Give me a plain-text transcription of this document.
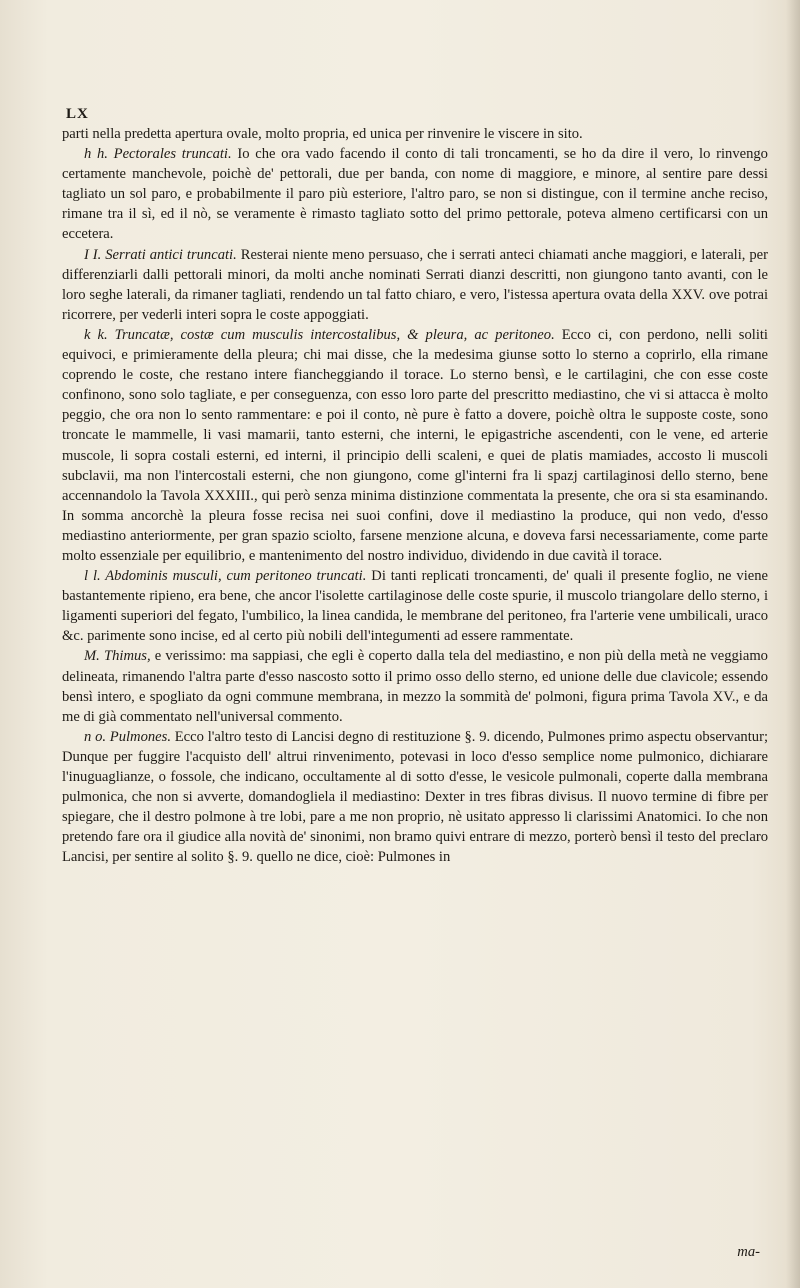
LX

parti nella predetta apertura ovale, molto propria, ed unica per rinvenire le viscere in sito.

h h. Pectorales truncati. Io che ora vado facendo il conto di tali troncamenti, se ho da dire il vero, lo rinvengo certamente manchevole, poichè de' pettorali, due per banda, con nome di maggiore, e minore, al sentire pare dessi tagliato un sol paro, e probabilmente il paro più esteriore, l'altro paro, se non si distingue, con il termine anche reciso, rimane tra il sì, ed il nò, se veramente è rimasto tagliato sotto del primo pettorale, poteva almeno certificarsi con un eccetera.

I I. Serrati antici truncati. Resterai niente meno persuaso, che i serrati anteci chiamati anche maggiori, e laterali, per differenziarli dalli pettorali minori, da molti anche nominati Serrati dianzi descritti, non giungono tanto avanti, con le loro seghe laterali, da rimaner tagliati, rendendo un tal fatto chiaro, e vero, l'istessa apertura ovata della XXV. ove potrai ricorrere, per vederli interi sopra le coste appoggiati.

k k. Truncatæ, costæ cum musculis intercostalibus, & pleura, ac peritoneo. Ecco ci, con perdono, nelli soliti equivoci, e primieramente della pleura; chi mai disse, che la medesima giunse sotto lo sterno a coprirlo, ella rimane coprendo le coste, che restano intere fiancheggiando il torace. Lo sterno bensì, e le cartilagini, che con esse coste confinono, sono solo tagliate, e per conseguenza, con esso loro parte del prescritto mediastino, che vi si attacca è molto peggio, che ora non lo sento rammentare: e poi il conto, nè pure è fatto a dovere, poichè oltra le supposte coste, sono troncate le mammelle, li vasi mamarii, tanto esterni, che interni, le epigastriche ascendenti, con le vene, ed arterie muscole, li sopra costali esterni, ed interni, il principio delli scaleni, e quei de platis mamiades, accosto li muscoli subclavii, ma non l'intercostali esterni, che non giungono, come gl'interni fra li spazj cartilaginosi dello sterno, bene accennandolo la Tavola XXXIII., qui però senza minima distinzione commentata la presente, che ora si sta esaminando. In somma ancorchè la pleura fosse recisa nei suoi confini, dove il mediastino la produce, qui non vedo, d'esso mediastino anteriormente, per gran spazio sciolto, farsene menzione alcuna, e doveva farsi necessariamente, come parte molto essenziale per equilibrio, e mantenimento del nostro individuo, dividendo in due cavità il torace.

l l. Abdominis musculi, cum peritoneo truncati. Di tanti replicati troncamenti, de' quali il presente foglio, ne viene bastantemente ripieno, era bene, che ancor l'isolette cartilaginose delle coste spurie, il muscolo triangolare dello sterno, i ligamenti superiori del fegato, l'umbilico, la linea candida, le membrane del peritoneo, fra l'arterie vene umbilicali, uraco &c. parimente sono incise, ed al certo più nobili dell'integumenti ad essere rammentate.

M. Thimus, e verissimo: ma sappiasi, che egli è coperto dalla tela del mediastino, e non più della metà ne veggiamo delineata, rimanendo l'altra parte d'esso nascosto sotto il primo osso dello sterno, ed unione delle due clavicole; essendo bensì intero, e spogliato da ogni commune membrana, in mezzo la sommità de' polmoni, figura prima Tavola XV., e da me di già commentato nell'universal commento.

n o. Pulmones. Ecco l'altro testo di Lancisi degno di restituzione §. 9. dicendo, Pulmones primo aspectu observantur; Dunque per fuggire l'acquisto dell' altrui rinvenimento, potevasi in loco d'esso semplice nome pulmonico, dichiarare l'inuguaglianze, o fossole, che indicano, occultamente al di sotto d'esse, le vesicole pulmonali, coperte dalla membrana pulmonica, che non si avverte, domandogliela il mediastino: Dexter in tres fibras divisus. Il nuovo termine di fibre per spiegare, che il destro polmone à tre lobi, pare a me non proprio, nè usitato appresso li clarissimi Anatomici. Io che non pretendo fare ora il giudice alla novità de' sinonimi, non bramo quivi entrare di mezzo, porterò bensì il testo del preclaro Lancisi, per sentire al solito §. 9. quello ne dice, cioè: Pulmones in

ma-
